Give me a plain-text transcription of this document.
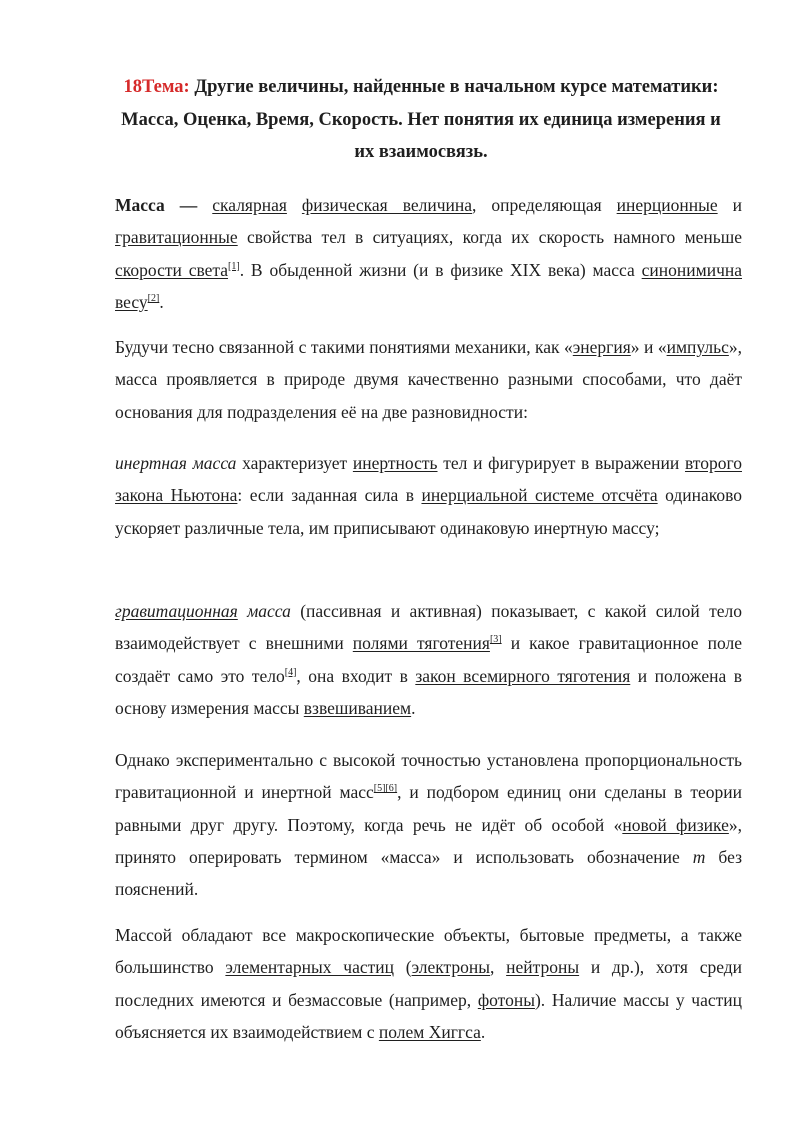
18Тема: Другие величины, найденные в начальном курсе математики:
Масса, Оценка, Время, Скорость. Нет понятия их единица измерения и
их взаимосвязь.
Масса — скалярная физическая величина, определяющая инерционные и гравитационные свойства тел в ситуациях, когда их скорость намного меньше скорости света[1]. В обыденной жизни (и в физике XIX века) масса синонимична весу[2].
Будучи тесно связанной с такими понятиями механики, как «энергия» и «импульс», масса проявляется в природе двумя качественно разными способами, что даёт основания для подразделения её на две разновидности:
инертная масса характеризует инертность тел и фигурирует в выражении второго закона Ньютона: если заданная сила в инерциальной системе отсчёта одинаково ускоряет различные тела, им приписывают одинаковую инертную массу;
гравитационная масса (пассивная и активная) показывает, с какой силой тело взаимодействует с внешними полями тяготения[3] и какое гравитационное поле создаёт само это тело[4], она входит в закон всемирного тяготения и положена в основу измерения массы взвешиванием.
Однако экспериментально с высокой точностью установлена пропорциональность гравитационной и инертной масс[5][6], и подбором единиц они сделаны в теории равными друг другу. Поэтому, когда речь не идёт об особой «новой физике», принято оперировать термином «масса» и использовать обозначение m без пояснений.
Массой обладают все макроскопические объекты, бытовые предметы, а также большинство элементарных частиц (электроны, нейтроны и др.), хотя среди последних имеются и безмассовые (например, фотоны). Наличие массы у частиц объясняется их взаимодействием с полем Хиггса.
